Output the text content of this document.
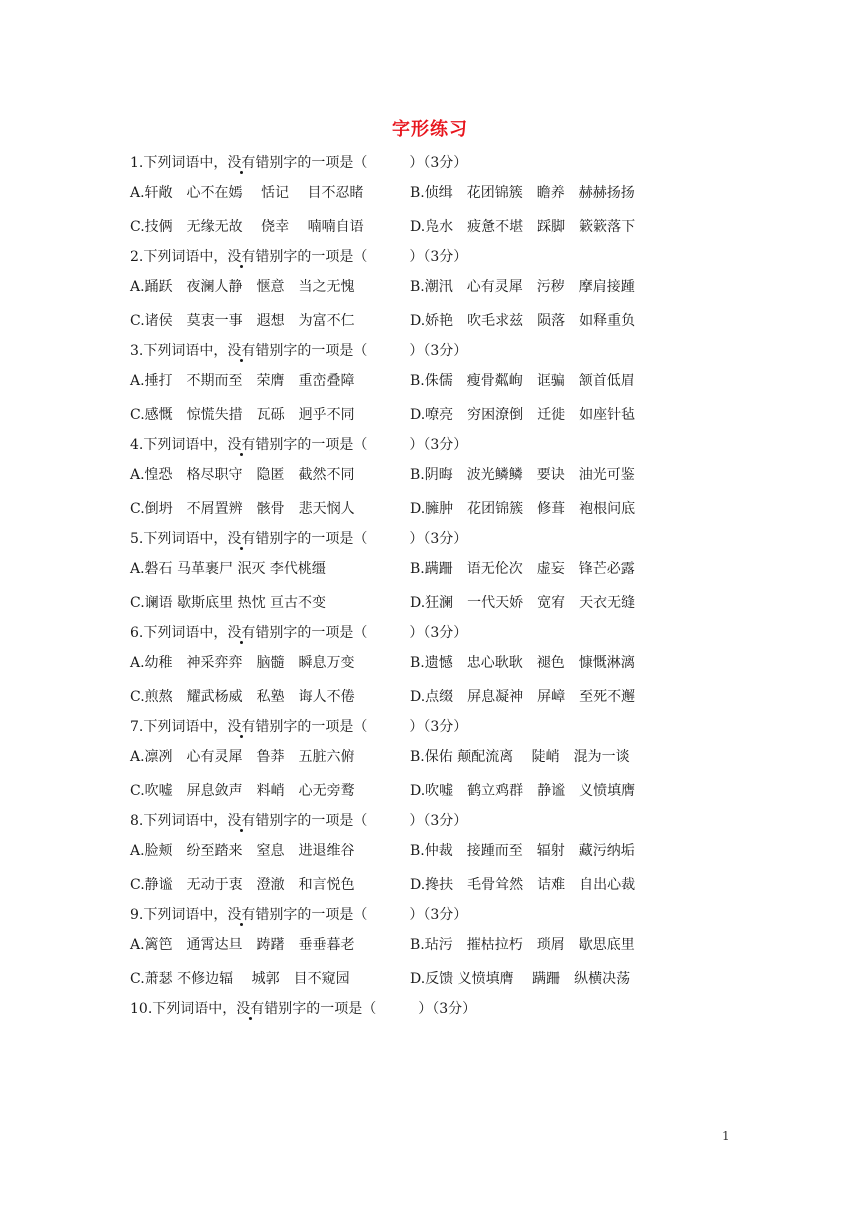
字形练习
1.下列词语中，没有错别字的一项是（　　　）（3分）
A.轩敞　心不在嫣　 恬记　 目不忍睹	B.侦缉　花团锦簇　瞻养　赫赫扬扬
C.技俩　无缘无故　 侥幸　 喃喃自语	D.凫水　疲惫不堪　踩脚　簌簌落下
2.下列词语中，没有错别字的一项是（　　　）（3分）
A.踊跃　夜澜人静　惬意　当之无愧	B.潮汛　心有灵犀　污秽　摩肩接踵
C.诸侯　莫衷一事　遐想　为富不仁	D.娇艳　吹毛求兹　陨落　如释重负
3.下列词语中，没有错别字的一项是（　　　）（3分）
A.捶打　不期而至　荣膺　重峦叠障	B.侏儒　瘦骨粼峋　诓骗　颔首低眉
C.感慨　惊慌失措　瓦砾　迥乎不同	D.嘹亮　穷困潦倒　迁徙　如座针毡
4.下列词语中，没有错别字的一项是（　　　）（3分）
A.惶恐　格尽职守　隐匿　截然不同	B.阴晦　波光鳞鳞　要诀　油光可鉴
C.倒坍　不屑置辨　骸骨　悲天悯人	D.臃肿　花团锦簇　修葺　袍根问底
5.下列词语中，没有错别字的一项是（　　　）（3分）
A.磐石 马革裹尸 泯灭 李代桃缰	B.蹒跚　语无伦次　虚妄　锋芒必露
C.谰语 歇斯底里 热忱 亘古不变	D.狂澜　一代天娇　宽宥　天衣无缝
6.下列词语中，没有错别字的一项是（　　　）（3分）
A.幼稚　神采弈弈　脑髓　瞬息万变	B.遗憾　忠心耿耿　褪色　慷慨淋漓
C.煎熬　耀武杨威　私塾　诲人不倦	D.点缀　屏息凝神　屏嶂　至死不邂
7.下列词语中，没有错别字的一项是（　　　）（3分）
A.凛冽　心有灵犀　鲁莽　五脏六俯	B.保佑 颠配流离　 陡峭　混为一谈
C.吹嘘　屏息敛声　料峭　心无旁鹜	D.吹嘘　鹤立鸡群　静谧　义愤填膺
8.下列词语中，没有错别字的一项是（　　　）（3分）
A.脸颊　纷至踏来　窒息　进退维谷	B.仲裁　接踵而至　辐射　藏污纳垢
C.静谧　无动于衷　澄澈　和言悦色	D.搀扶　毛骨耸然　诘难　自出心裁
9.下列词语中，没有错别字的一项是（　　　）（3分）
A.篱笆　通霄达旦　踌躇　垂垂暮老	B.玷污　摧枯拉朽　琐屑　歇思底里
C.萧瑟 不修边辐　 城郭　目不窥园	D.反馈 义愤填膺　 蹒跚　纵横决荡
10.下列词语中，没有错别字的一项是（　　　）（3分）
1
